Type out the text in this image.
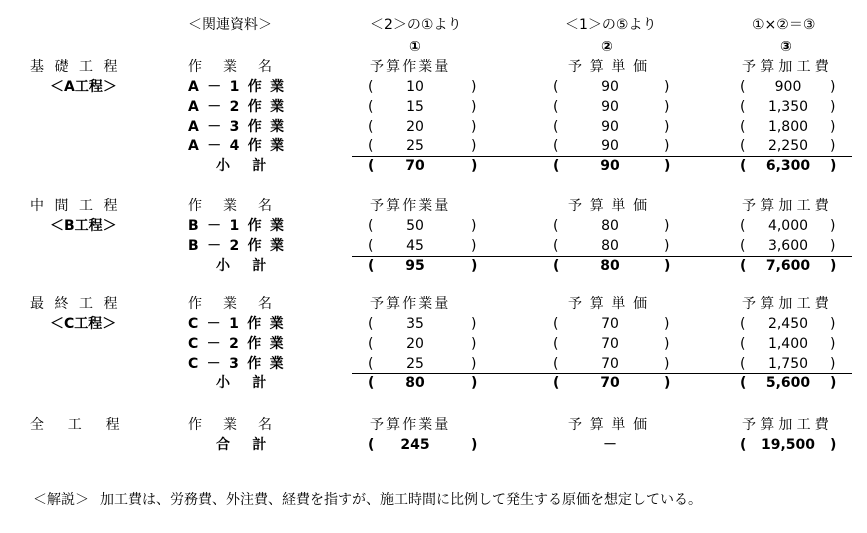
＜関連資料＞	＜2＞の①より	＜1＞の⑤より	①×②＝③
①	②	③
基礎工程
＜A工程＞
作業名	予算作業量	予算単価	予算加工費
A－1作業	(	10	)	(	90	)	(	900	)
A－2作業	(	15	)	(	90	)	(	1,350	)
A－3作業	(	20	)	(	90	)	(	1,800	)
A－4作業	(	25	)	(	90	)	(	2,250	)
小計	(	70	)	(	90	)	(	6,300	)
中間工程
＜B工程＞
作業名	予算作業量	予算単価	予算加工費
B－1作業	(	50	)	(	80	)	(	4,000	)
B－2作業	(	45	)	(	80	)	(	3,600	)
小計	(	95	)	(	80	)	(	7,600	)
最終工程
＜C工程＞
作業名	予算作業量	予算単価	予算加工費
C－1作業	(	35	)	(	70	)	(	2,450	)
C－2作業	(	20	)	(	70	)	(	1,400	)
C－3作業	(	25	)	(	70	)	(	1,750	)
小計	(	80	)	(	70	)	(	5,600	)
全工程	作業名	予算作業量	予算単価	予算加工費
合計	(	245	)	－	(	19,500	)
＜解説＞ 加工費は、労務費、外注費、経費を指すが、施工時間に比例して発生する原価を想定している。
